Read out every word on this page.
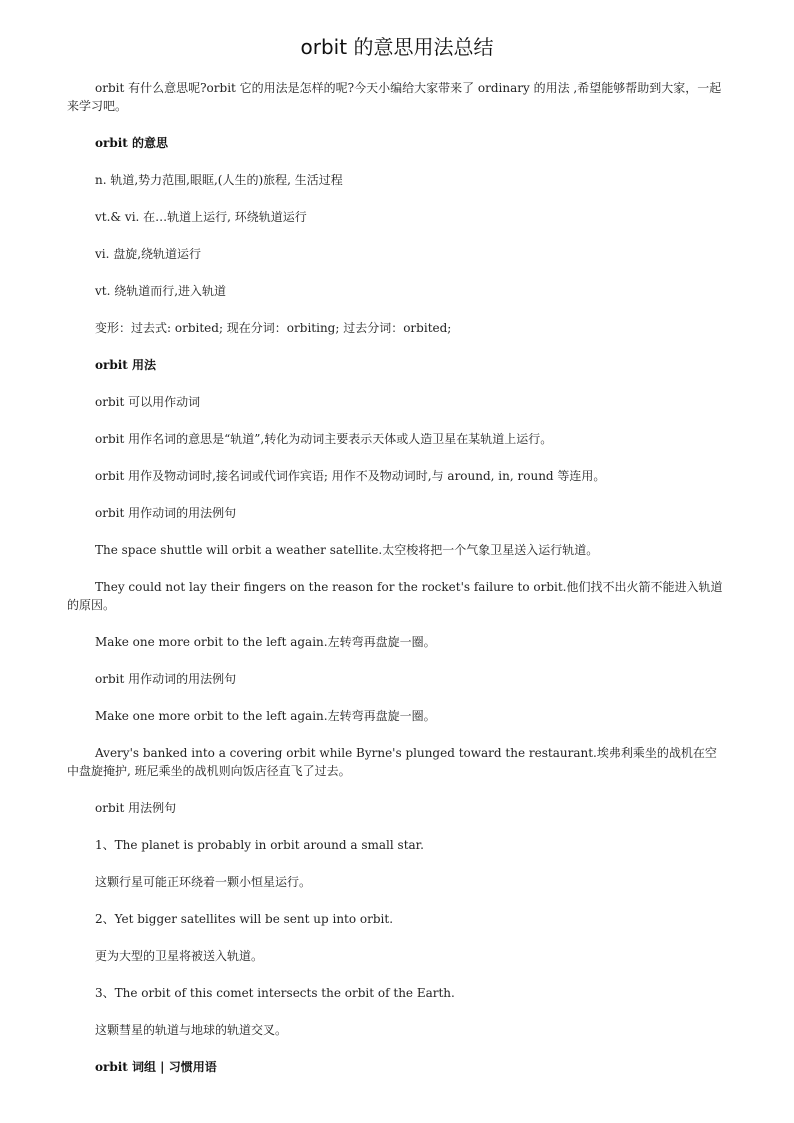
orbit 的意思用法总结

orbit 有什么意思呢?orbit 它的用法是怎样的呢?今天小编给大家带来了 ordinary 的用法 ,希望能够帮助到大家，一起来学习吧。

orbit 的意思

n. 轨道,势力范围,眼眶,(人生的)旅程, 生活过程

vt.& vi. 在…轨道上运行, 环绕轨道运行

vi. 盘旋,绕轨道运行

vt. 绕轨道而行,进入轨道

变形：过去式: orbited; 现在分词：orbiting; 过去分词：orbited;

orbit 用法

orbit 可以用作动词

orbit 用作名词的意思是“轨道”,转化为动词主要表示天体或人造卫星在某轨道上运行。

orbit 用作及物动词时,接名词或代词作宾语; 用作不及物动词时,与 around, in, round 等连用。

orbit 用作动词的用法例句

The space shuttle will orbit a weather satellite.太空梭将把一个气象卫星送入运行轨道。

They could not lay their fingers on the reason for the rocket's failure to orbit.他们找不出火箭不能进入轨道的原因。

Make one more orbit to the left again.左转弯再盘旋一圈。

orbit 用作动词的用法例句

Make one more orbit to the left again.左转弯再盘旋一圈。

Avery's banked into a covering orbit while Byrne's plunged toward the restaurant.埃弗利乘坐的战机在空中盘旋掩护, 班尼乘坐的战机则向饭店径直飞了过去。

orbit 用法例句

1、The planet is probably in orbit around a small star.

这颗行星可能正环绕着一颗小恒星运行。

2、Yet bigger satellites will be sent up into orbit.

更为大型的卫星将被送入轨道。

3、The orbit of this comet intersects the orbit of the Earth.

这颗彗星的轨道与地球的轨道交叉。

orbit 词组 | 习惯用语
